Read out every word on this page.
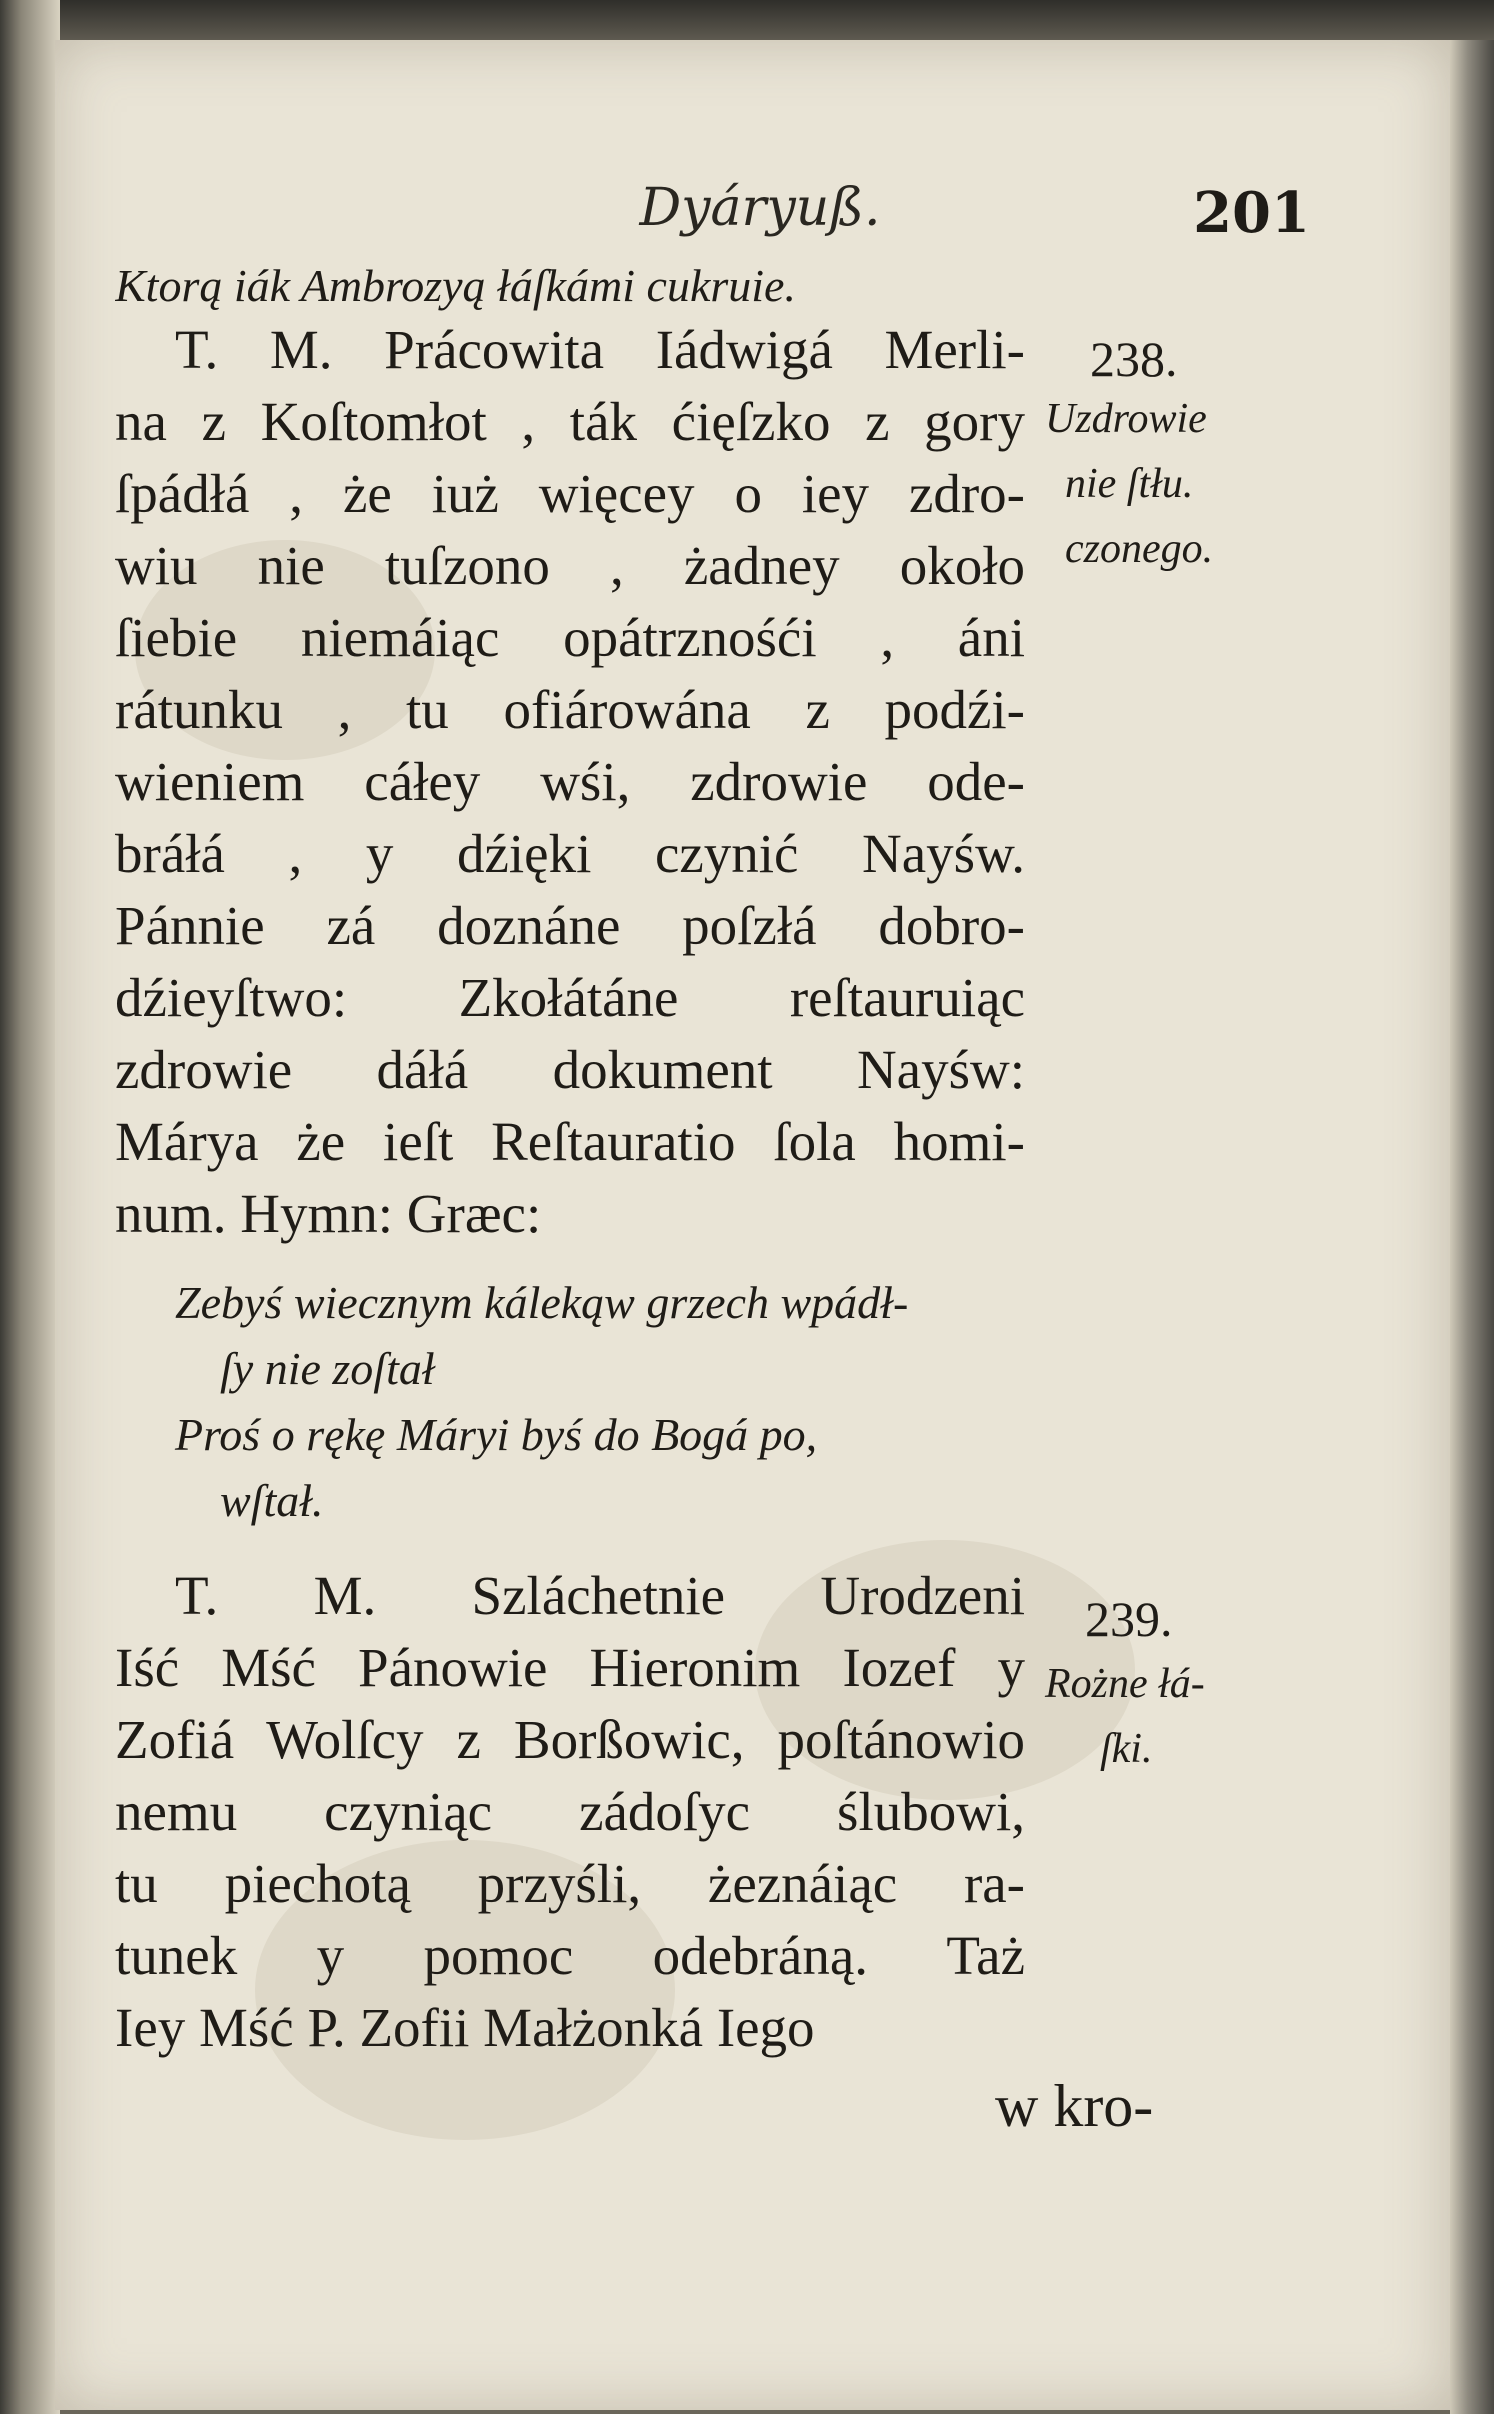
Dyáryuß.	201
Ktorą iák Ambrozyą łáſkámi cukruie.
T. M. Prácowita Iádwigá Merli-
na z Koſtomłot , ták ćięſzko z gory
ſpádłá , że iuż więcey o iey zdro-
wiu nie tuſzono , żadney około
ſiebie niemáiąc opátrznośći , áni
rátunku , tu ofiárowána z podźi-
wieniem cáłey wśi, zdrowie ode-
bráłá , y dźięki czynić Nayśw.
Pánnie zá doznáne poſzłá dobro-
dźieyſtwo: Zkołátáne reſtauruiąc
zdrowie dáłá dokument Nayśw:
Márya że ieſt Reſtauratio ſola homi-
num. Hymn: Græc:
Zebyś wiecznym kálekąw grzech wpádł-
ſy nie zoſtał
Proś o rękę Máryi byś do Bogá po,
wſtał.
T. M. Szláchetnie Urodzeni
Iść Mść Pánowie Hieronim Iozef y
Zofiá Wolſcy z Borßowic, poſtánowio
nemu czyniąc zádoſyc ślubowi,
tu piechotą przyśli, żeznáiąc ra-
tunek y pomoc odebráną. Taż
Iey Mść P. Zofii Małżonká Iego
238.
Uzdrowie
nie ſtłu.
czonego.
239.
Rożne łá-
ſki.
w kro-
